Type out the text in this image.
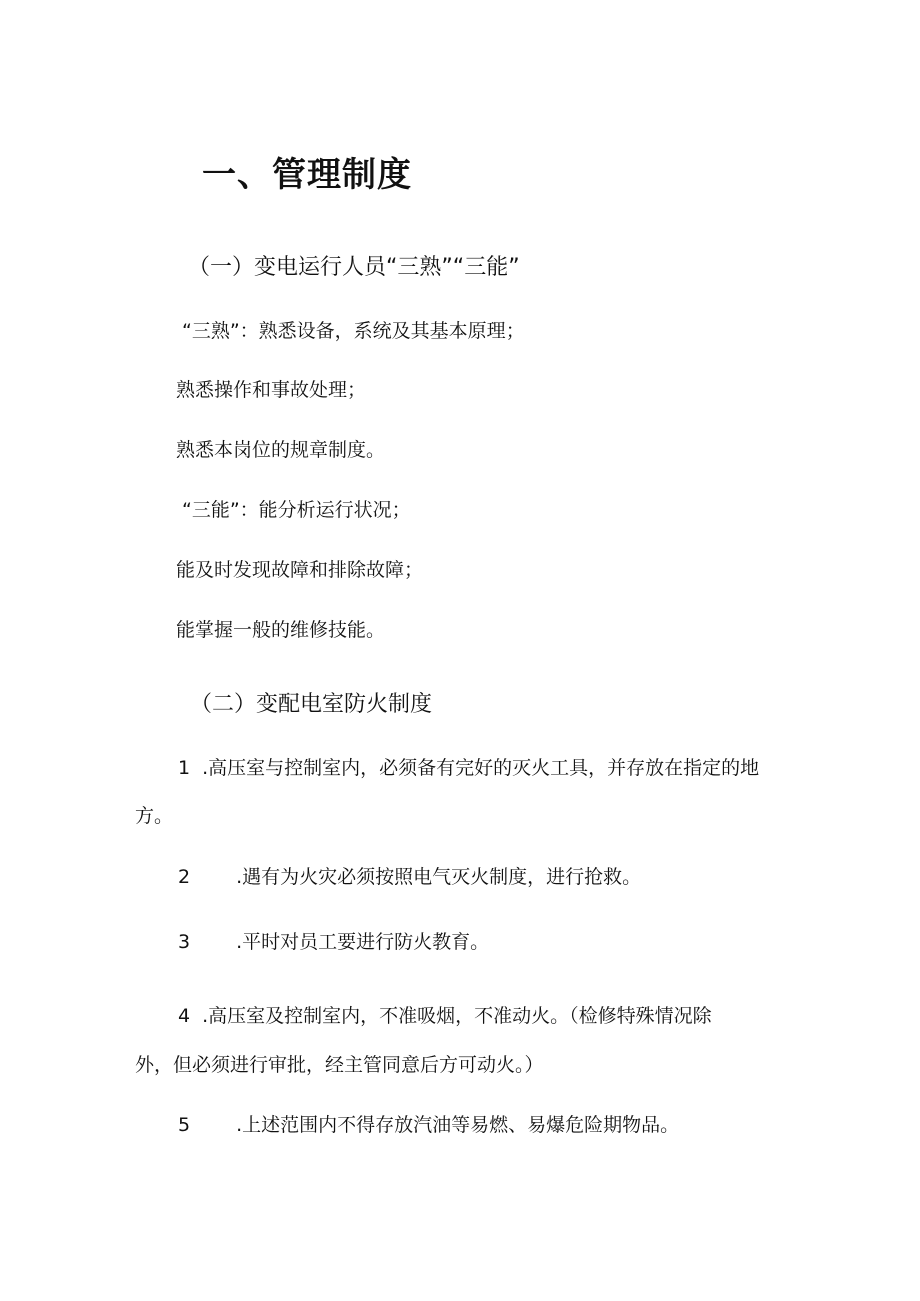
一、管理制度
（一）变电运行人员“三熟”“三能”
“三熟”：熟悉设备，系统及其基本原理；
熟悉操作和事故处理；
熟悉本岗位的规章制度。
“三能”：能分析运行状况；
能及时发现故障和排除故障；
能掌握一般的维修技能。
（二）变配电室防火制度
1 .高压室与控制室内，必须备有完好的灭火工具，并存放在指定的地
方。
2 .遇有为火灾必须按照电气灭火制度，进行抢救。
3 .平时对员工要进行防火教育。
4 .高压室及控制室内，不准吸烟，不准动火。（检修特殊情况除
外，但必须进行审批，经主管同意后方可动火。）
5 .上述范围内不得存放汽油等易燃、易爆危险期物品。
